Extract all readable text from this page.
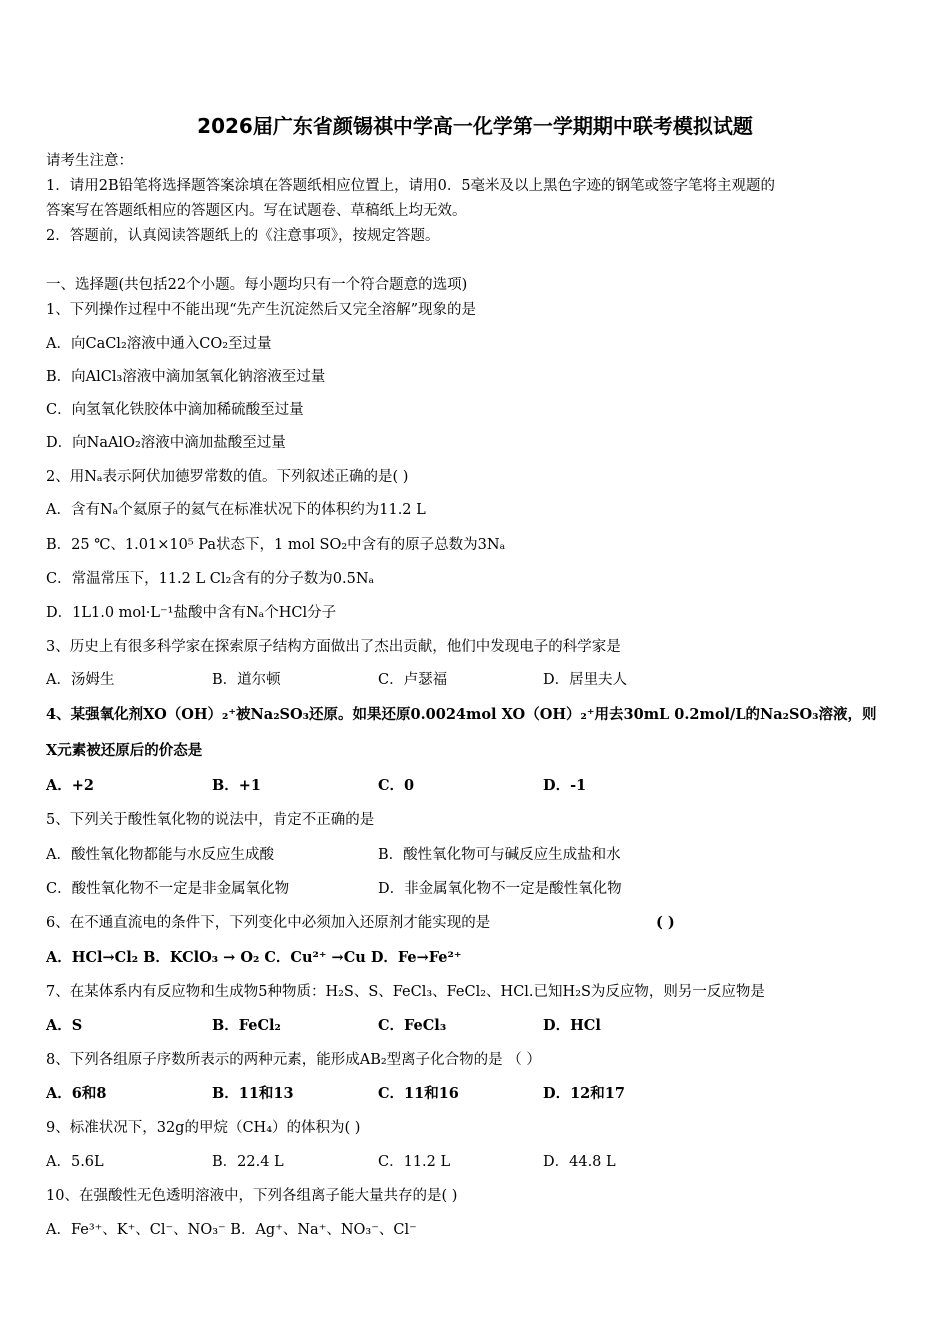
2026届广东省颜锡祺中学高一化学第一学期期中联考模拟试题
请考生注意：
1．请用2B铅笔将选择题答案涂填在答题纸相应位置上，请用0．5毫米及以上黑色字迹的钢笔或签字笔将主观题的
答案写在答题纸相应的答题区内。写在试题卷、草稿纸上均无效。
2．答题前，认真阅读答题纸上的《注意事项》，按规定答题。
一、选择题(共包括22个小题。每小题均只有一个符合题意的选项)
1、下列操作过程中不能出现“先产生沉淀然后又完全溶解”现象的是
A．向CaCl₂溶液中通入CO₂至过量
B．向AlCl₃溶液中滴加氢氧化钠溶液至过量
C．向氢氧化铁胶体中滴加稀硫酸至过量
D．向NaAlO₂溶液中滴加盐酸至过量
2、用Nₐ表示阿伏加德罗常数的值。下列叙述正确的是( )
A．含有Nₐ个氦原子的氦气在标准状况下的体积约为11.2 L
B．25 ℃、1.01×10⁵ Pa状态下，1 mol SO₂中含有的原子总数为3Nₐ
C．常温常压下，11.2 L Cl₂含有的分子数为0.5Nₐ
D．1L1.0 mol·L⁻¹盐酸中含有Nₐ个HCl分子
3、历史上有很多科学家在探索原子结构方面做出了杰出贡献，他们中发现电子的科学家是
A．汤姆生	B．道尔顿	C．卢瑟福	D．居里夫人
4、某强氧化剂XO（OH）₂⁺被Na₂SO₃还原。如果还原0.0024mol XO（OH）₂⁺用去30mL 0.2mol/L的Na₂SO₃溶液，则
X元素被还原后的价态是
A．+2	B．+1	C．0	D．-1
5、下列关于酸性氧化物的说法中，肯定不正确的是
A．酸性氧化物都能与水反应生成酸	B．酸性氧化物可与碱反应生成盐和水
C．酸性氧化物不一定是非金属氧化物	D．非金属氧化物不一定是酸性氧化物
6、在不通直流电的条件下，下列变化中必须加入还原剂才能实现的是	( )
A．HCl→Cl₂ B．KClO₃ → O₂ C．Cu²⁺ →Cu D．Fe→Fe²⁺
7、在某体系内有反应物和生成物5种物质：H₂S、S、FeCl₃、FeCl₂、HCl.已知H₂S为反应物，则另一反应物是
A．S	B．FeCl₂	C．FeCl₃	D．HCl
8、下列各组原子序数所表示的两种元素，能形成AB₂型离子化合物的是 （ ）
A．6和8	B．11和13	C．11和16	D．12和17
9、标准状况下，32g的甲烷（CH₄）的体积为( )
A．5.6L	B．22.4 L	C．11.2 L	D．44.8 L
10、在强酸性无色透明溶液中，下列各组离子能大量共存的是( )
A．Fe³⁺、K⁺、Cl⁻、NO₃⁻ B．Ag⁺、Na⁺、NO₃⁻、Cl⁻
